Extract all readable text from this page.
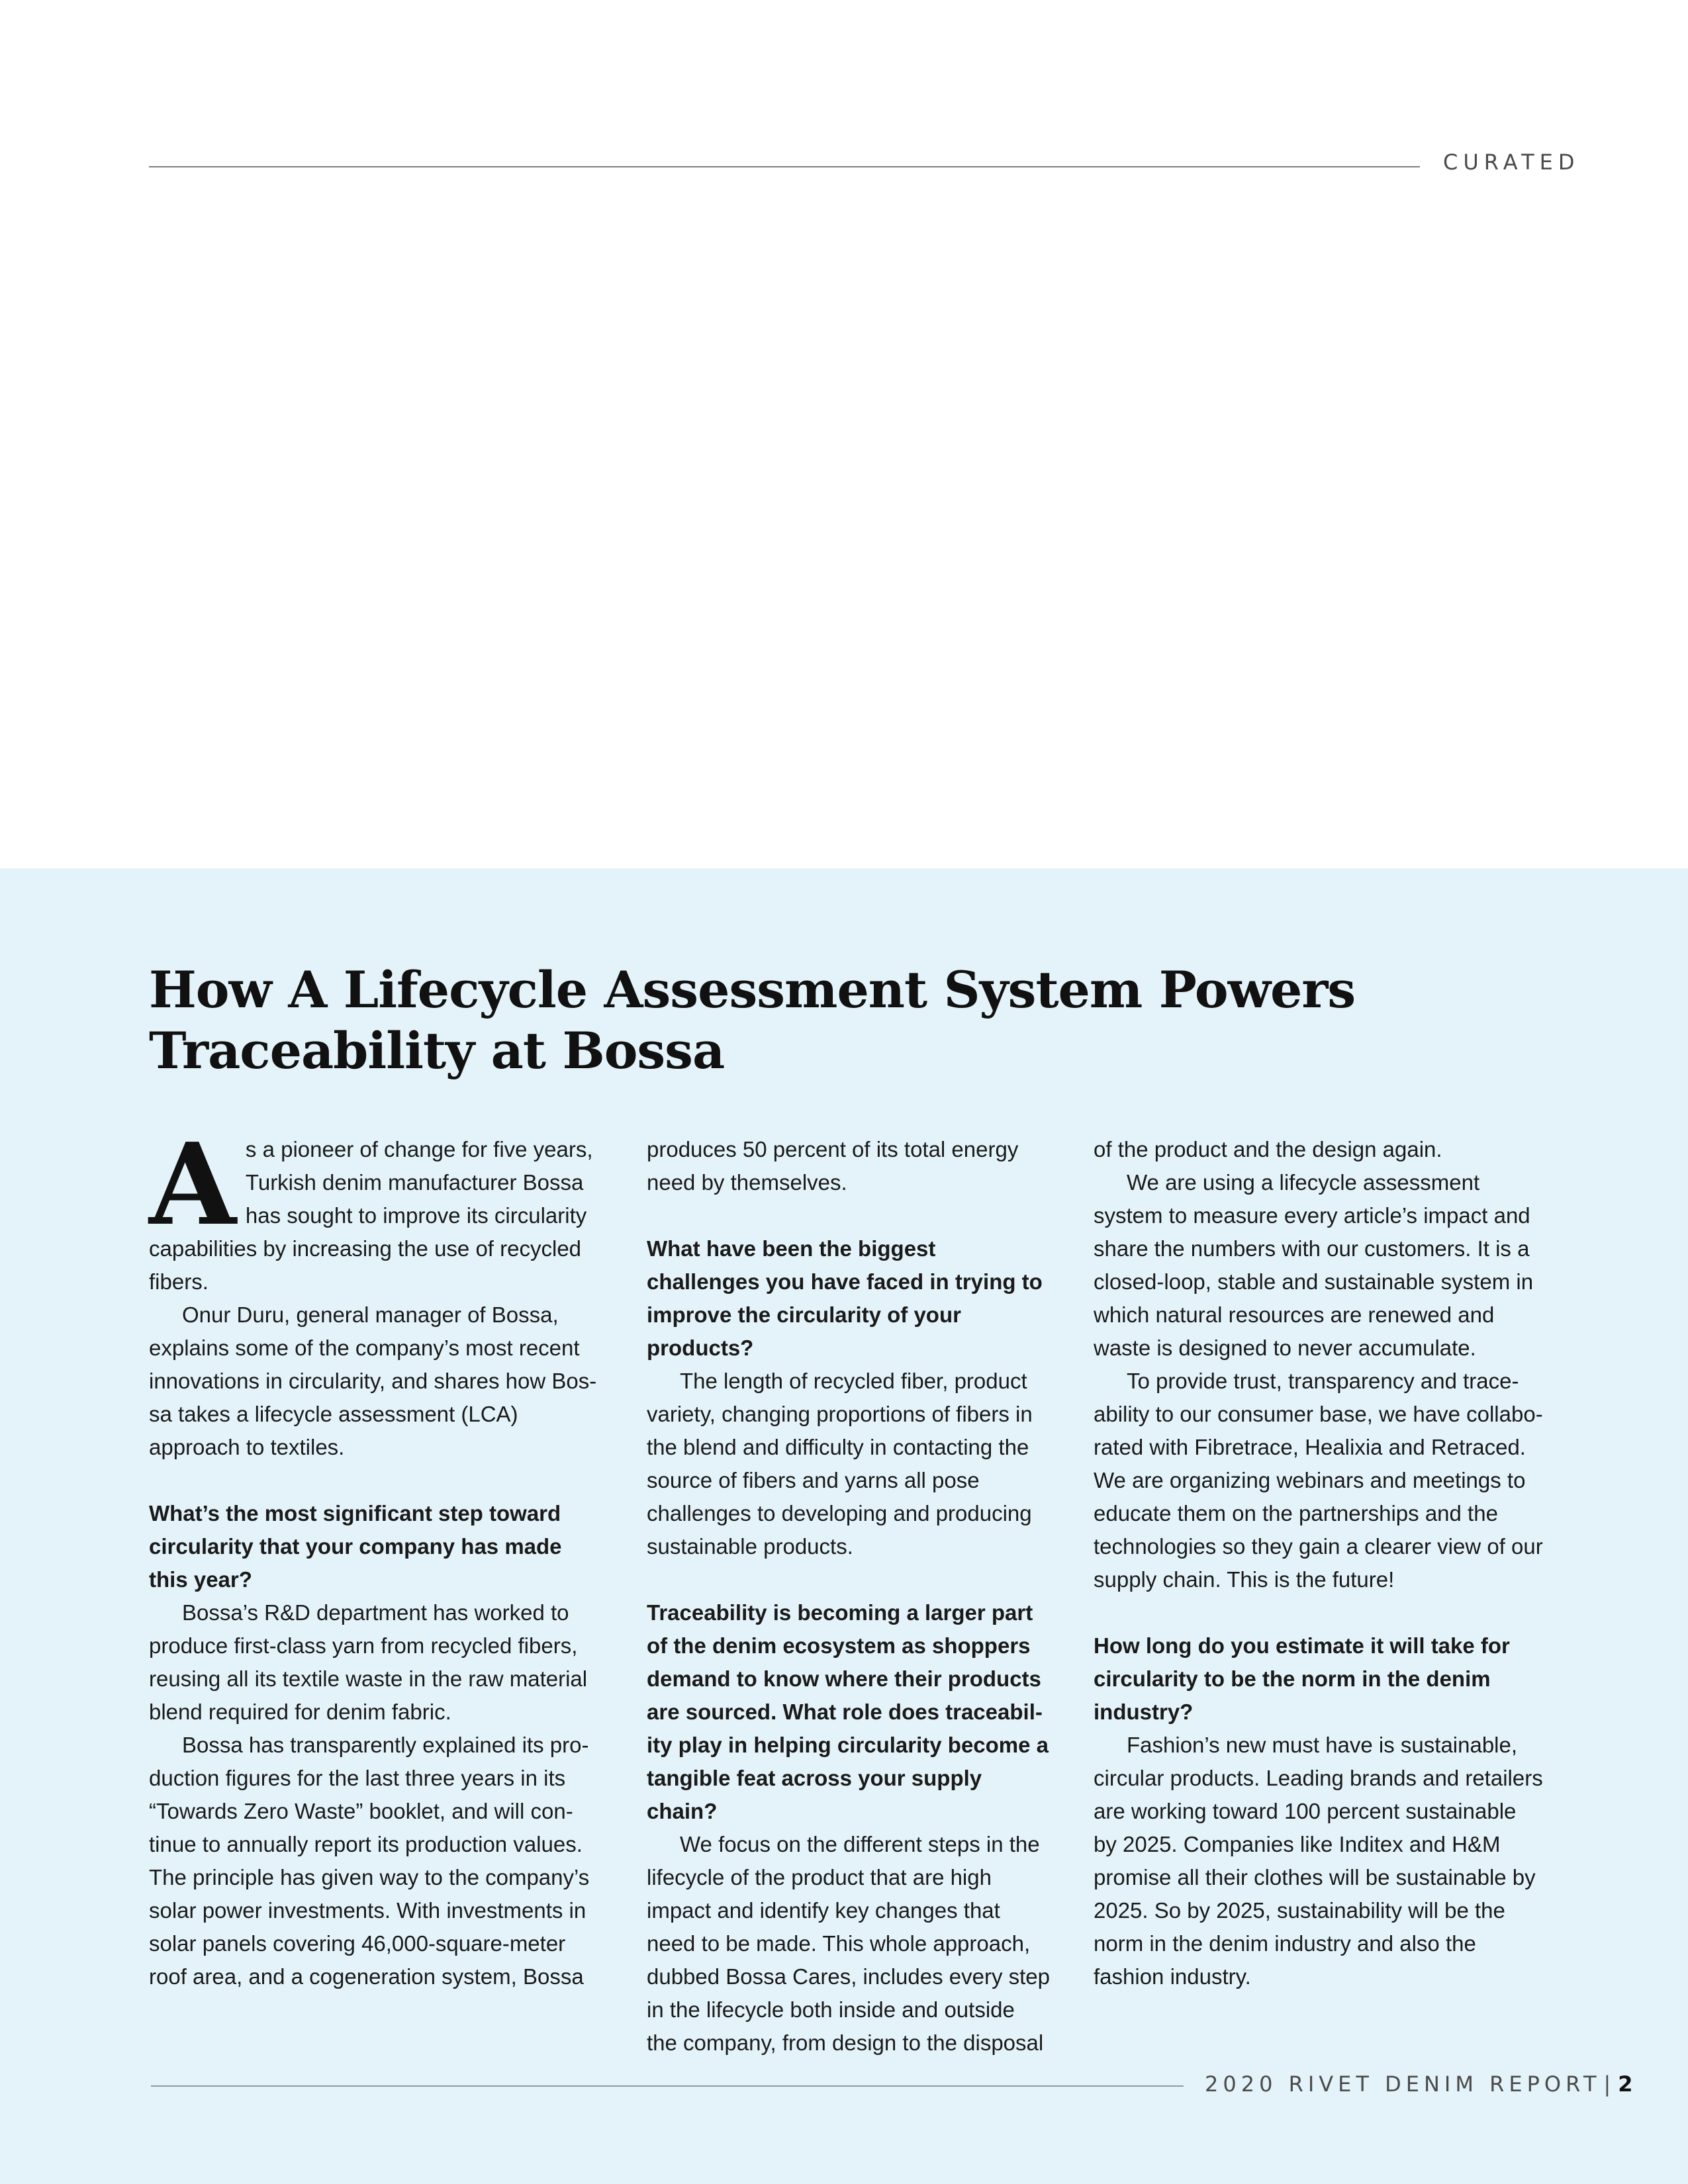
CURATED
How A Lifecycle Assessment System Powers Traceability at Bossa

As a pioneer of change for five years, Turkish denim manufacturer Bossa has sought to improve its circularity capabilities by increasing the use of recycled fibers.

Onur Duru, general manager of Bossa, explains some of the company’s most recent innovations in circularity, and shares how Bos-sa takes a lifecycle assessment (LCA) approach to textiles.

What’s the most significant step toward circularity that your company has made this year?

Bossa’s R&D department has worked to produce first-class yarn from recycled fibers, reusing all its textile waste in the raw material blend required for denim fabric.

Bossa has transparently explained its pro-duction figures for the last three years in its “Towards Zero Waste” booklet, and will con-tinue to annually report its production values. The principle has given way to the company’s solar power investments. With investments in solar panels covering 46,000-square-meter roof area, and a cogeneration system, Bossa

produces 50 percent of its total energy need by themselves.

What have been the biggest challenges you have faced in trying to improve the circularity of your products?

The length of recycled fiber, product variety, changing proportions of fibers in the blend and difficulty in contacting the source of fibers and yarns all pose challenges to developing and producing sustainable products.

Traceability is becoming a larger part of the denim ecosystem as shoppers demand to know where their products are sourced. What role does traceabil-ity play in helping circularity become a tangible feat across your supply chain?

We focus on the different steps in the lifecycle of the product that are high impact and identify key changes that need to be made. This whole approach, dubbed Bossa Cares, includes every step in the lifecycle both inside and outside the company, from design to the disposal

of the product and the design again.

We are using a lifecycle assessment system to measure every article’s impact and share the numbers with our customers. It is a closed-loop, stable and sustainable system in which natural resources are renewed and waste is designed to never accumulate.

To provide trust, transparency and trace-ability to our consumer base, we have collabo-rated with Fibretrace, Healixia and Retraced. We are organizing webinars and meetings to educate them on the partnerships and the technologies so they gain a clearer view of our supply chain. This is the future!

How long do you estimate it will take for circularity to be the norm in the denim industry?

Fashion’s new must have is sustainable, circular products. Leading brands and retailers are working toward 100 percent sustainable by 2025. Companies like Inditex and H&M promise all their clothes will be sustainable by 2025. So by 2025, sustainability will be the norm in the denim industry and also the fashion industry.

2020 RIVET DENIM REPORT | 2
